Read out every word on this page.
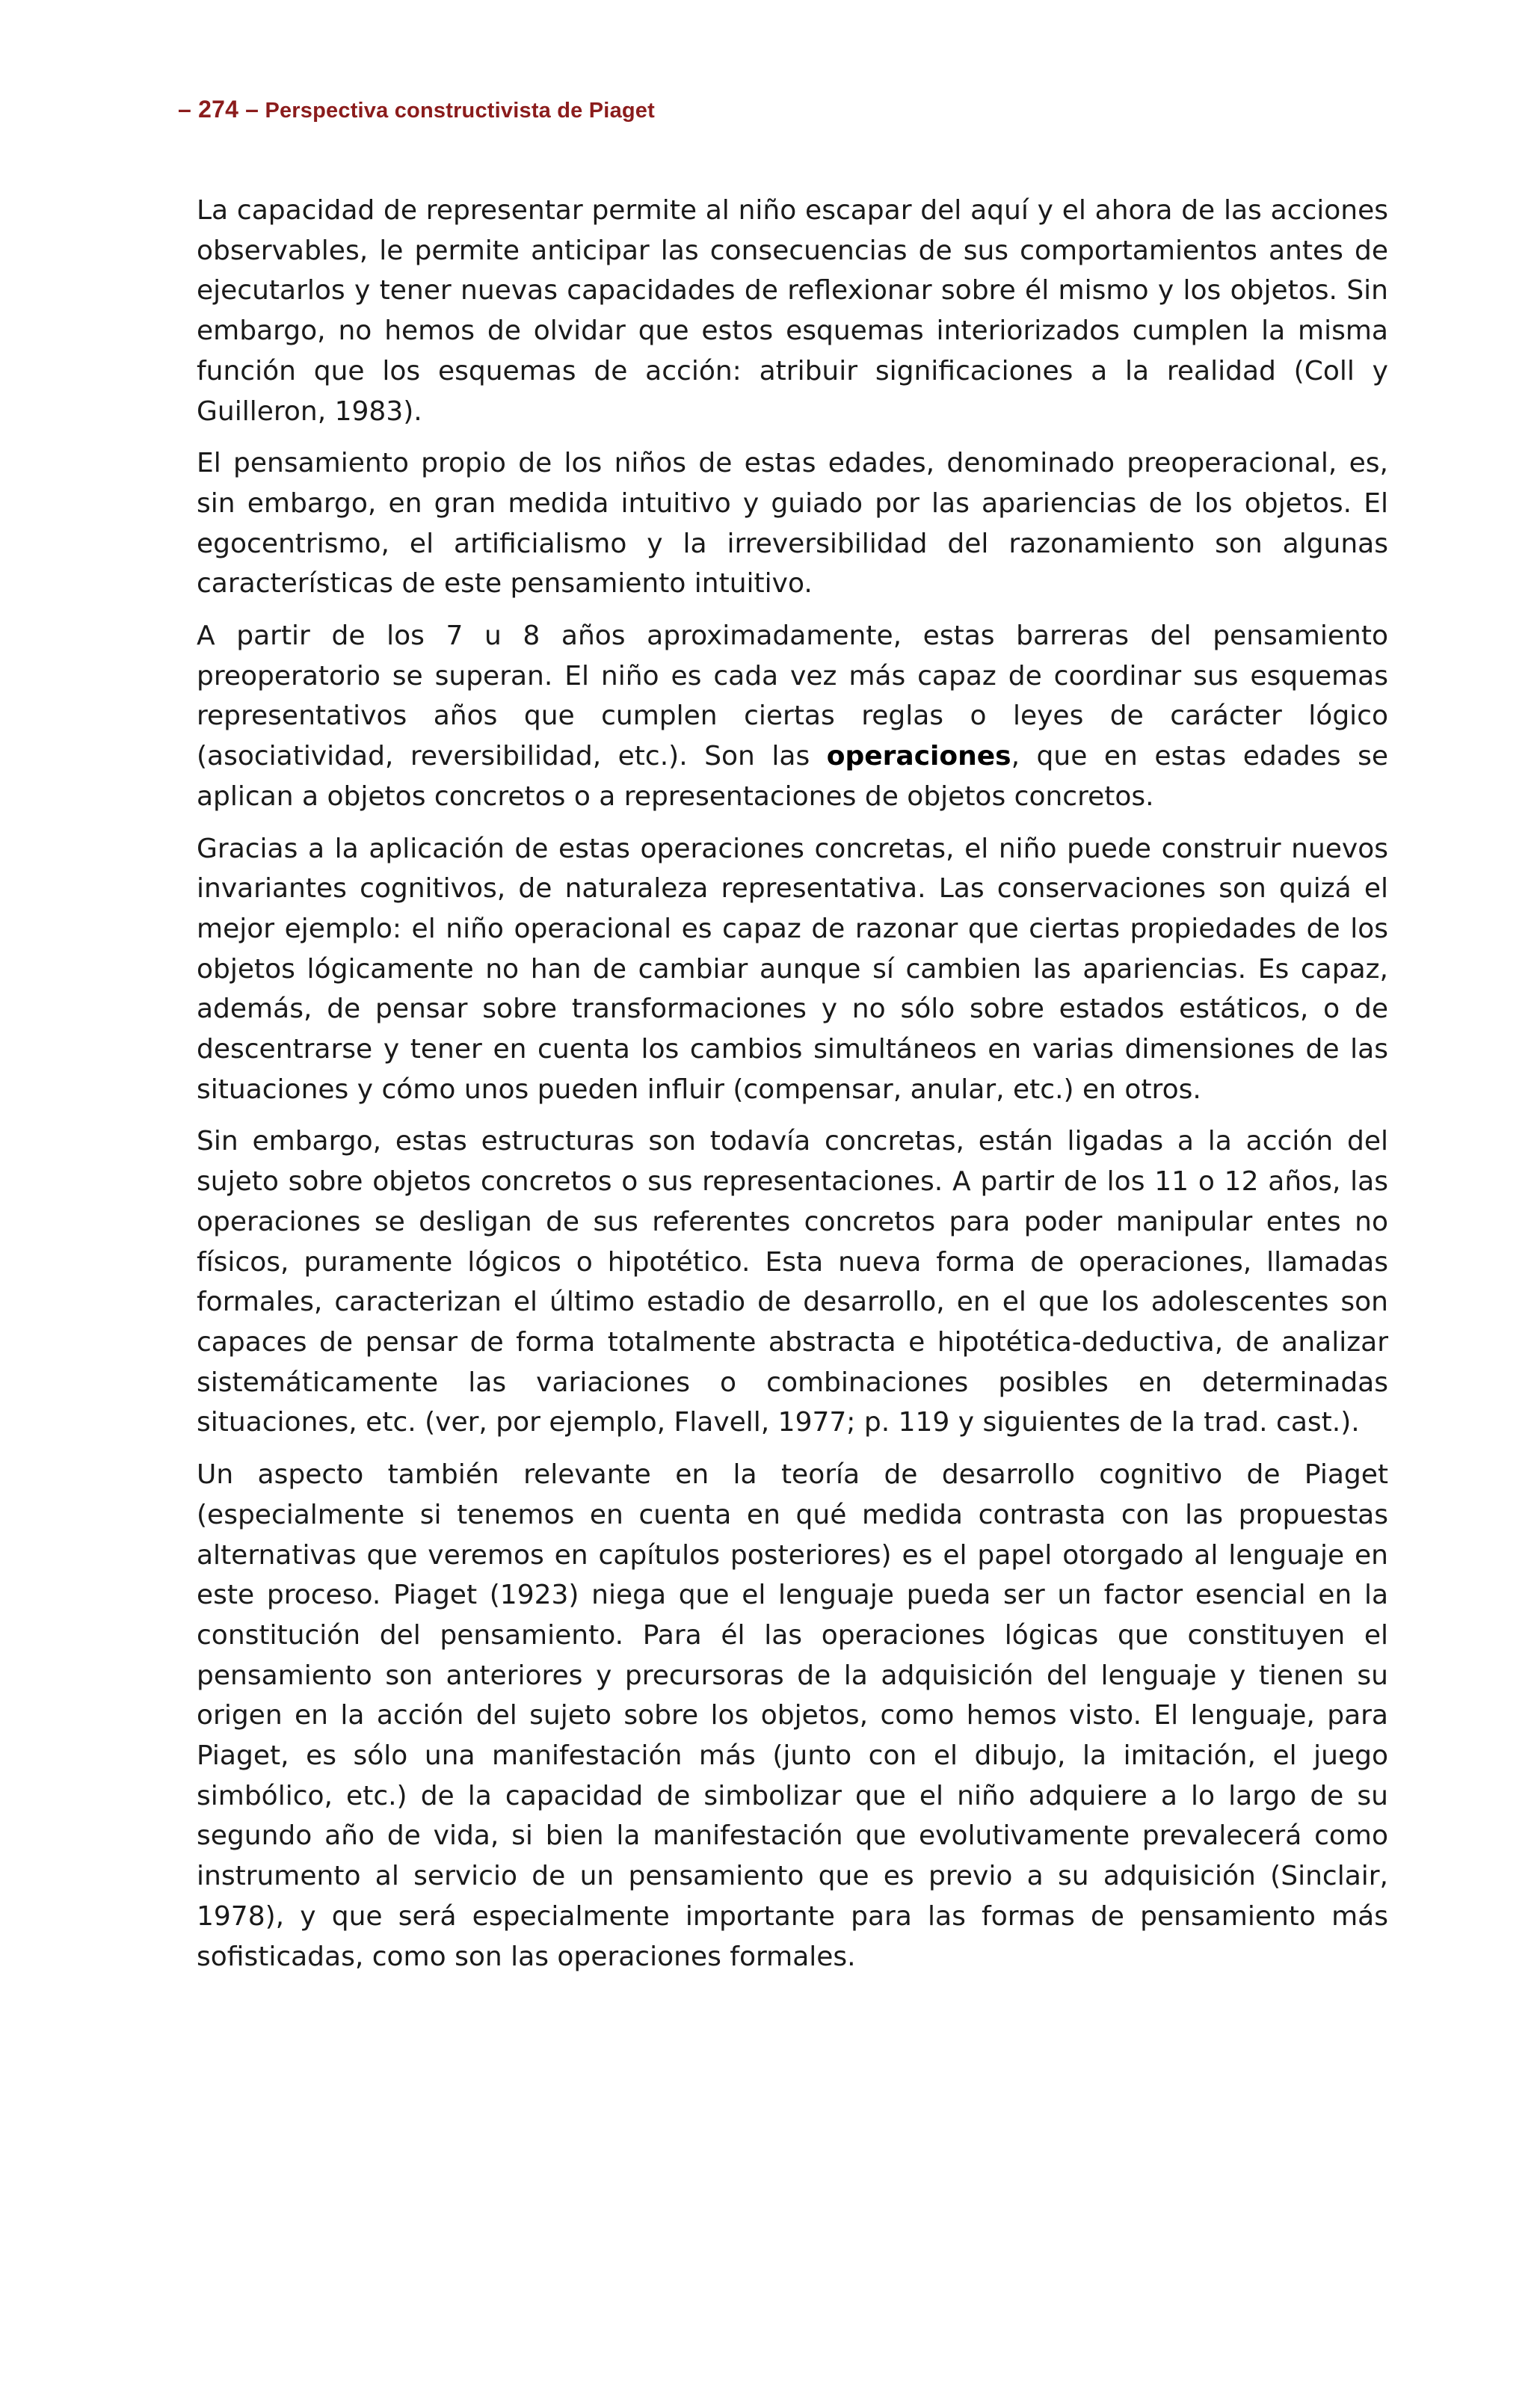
– 274 – Perspectiva constructivista de Piaget

La capacidad de representar permite al niño escapar del aquí y el ahora de las acciones observables, le permite anticipar las consecuencias de sus comportamientos antes de ejecutarlos y tener nuevas capacidades de reflexionar sobre él mismo y los objetos. Sin embargo, no hemos de olvidar que estos esquemas interiorizados cumplen la misma función que los esquemas de acción: atribuir significaciones a la realidad (Coll y Guilleron, 1983).

El pensamiento propio de los niños de estas edades, denominado preoperacional, es, sin embargo, en gran medida intuitivo y guiado por las apariencias de los objetos. El egocentrismo, el artificialismo y la irreversibilidad del razonamiento son algunas características de este pensamiento intuitivo.

A partir de los 7 u 8 años aproximadamente, estas barreras del pensamiento preoperatorio se superan. El niño es cada vez más capaz de coordinar sus esquemas representativos años que cumplen ciertas reglas o leyes de carácter lógico (asociatividad, reversibilidad, etc.). Son las operaciones, que en estas edades se aplican a objetos concretos o a representaciones de objetos concretos.

Gracias a la aplicación de estas operaciones concretas, el niño puede construir nuevos invariantes cognitivos, de naturaleza representativa. Las conservaciones son quizá el mejor ejemplo: el niño operacional es capaz de razonar que ciertas propiedades de los objetos lógicamente no han de cambiar aunque sí cambien las apariencias. Es capaz, además, de pensar sobre transformaciones y no sólo sobre estados estáticos, o de descentrarse y tener en cuenta los cambios simultáneos en varias dimensiones de las situaciones y cómo unos pueden influir (compensar, anular, etc.) en otros.

Sin embargo, estas estructuras son todavía concretas, están ligadas a la acción del sujeto sobre objetos concretos o sus representaciones. A partir de los 11 o 12 años, las operaciones se desligan de sus referentes concretos para poder manipular entes no físicos, puramente lógicos o hipotético. Esta nueva forma de operaciones, llamadas formales, caracterizan el último estadio de desarrollo, en el que los adolescentes son capaces de pensar de forma totalmente abstracta e hipotética-deductiva, de analizar sistemáticamente las variaciones o combinaciones posibles en determinadas situaciones, etc. (ver, por ejemplo, Flavell, 1977; p. 119 y siguientes de la trad. cast.).

Un aspecto también relevante en la teoría de desarrollo cognitivo de Piaget (especialmente si tenemos en cuenta en qué medida contrasta con las propuestas alternativas que veremos en capítulos posteriores) es el papel otorgado al lenguaje en este proceso. Piaget (1923) niega que el lenguaje pueda ser un factor esencial en la constitución del pensamiento. Para él las operaciones lógicas que constituyen el pensamiento son anteriores y precursoras de la adquisición del lenguaje y tienen su origen en la acción del sujeto sobre los objetos, como hemos visto. El lenguaje, para Piaget, es sólo una manifestación más (junto con el dibujo, la imitación, el juego simbólico, etc.) de la capacidad de simbolizar que el niño adquiere a lo largo de su segundo año de vida, si bien la manifestación que evolutivamente prevalecerá como instrumento al servicio de un pensamiento que es previo a su adquisición (Sinclair, 1978), y que será especialmente importante para las formas de pensamiento más sofisticadas, como son las operaciones formales.
